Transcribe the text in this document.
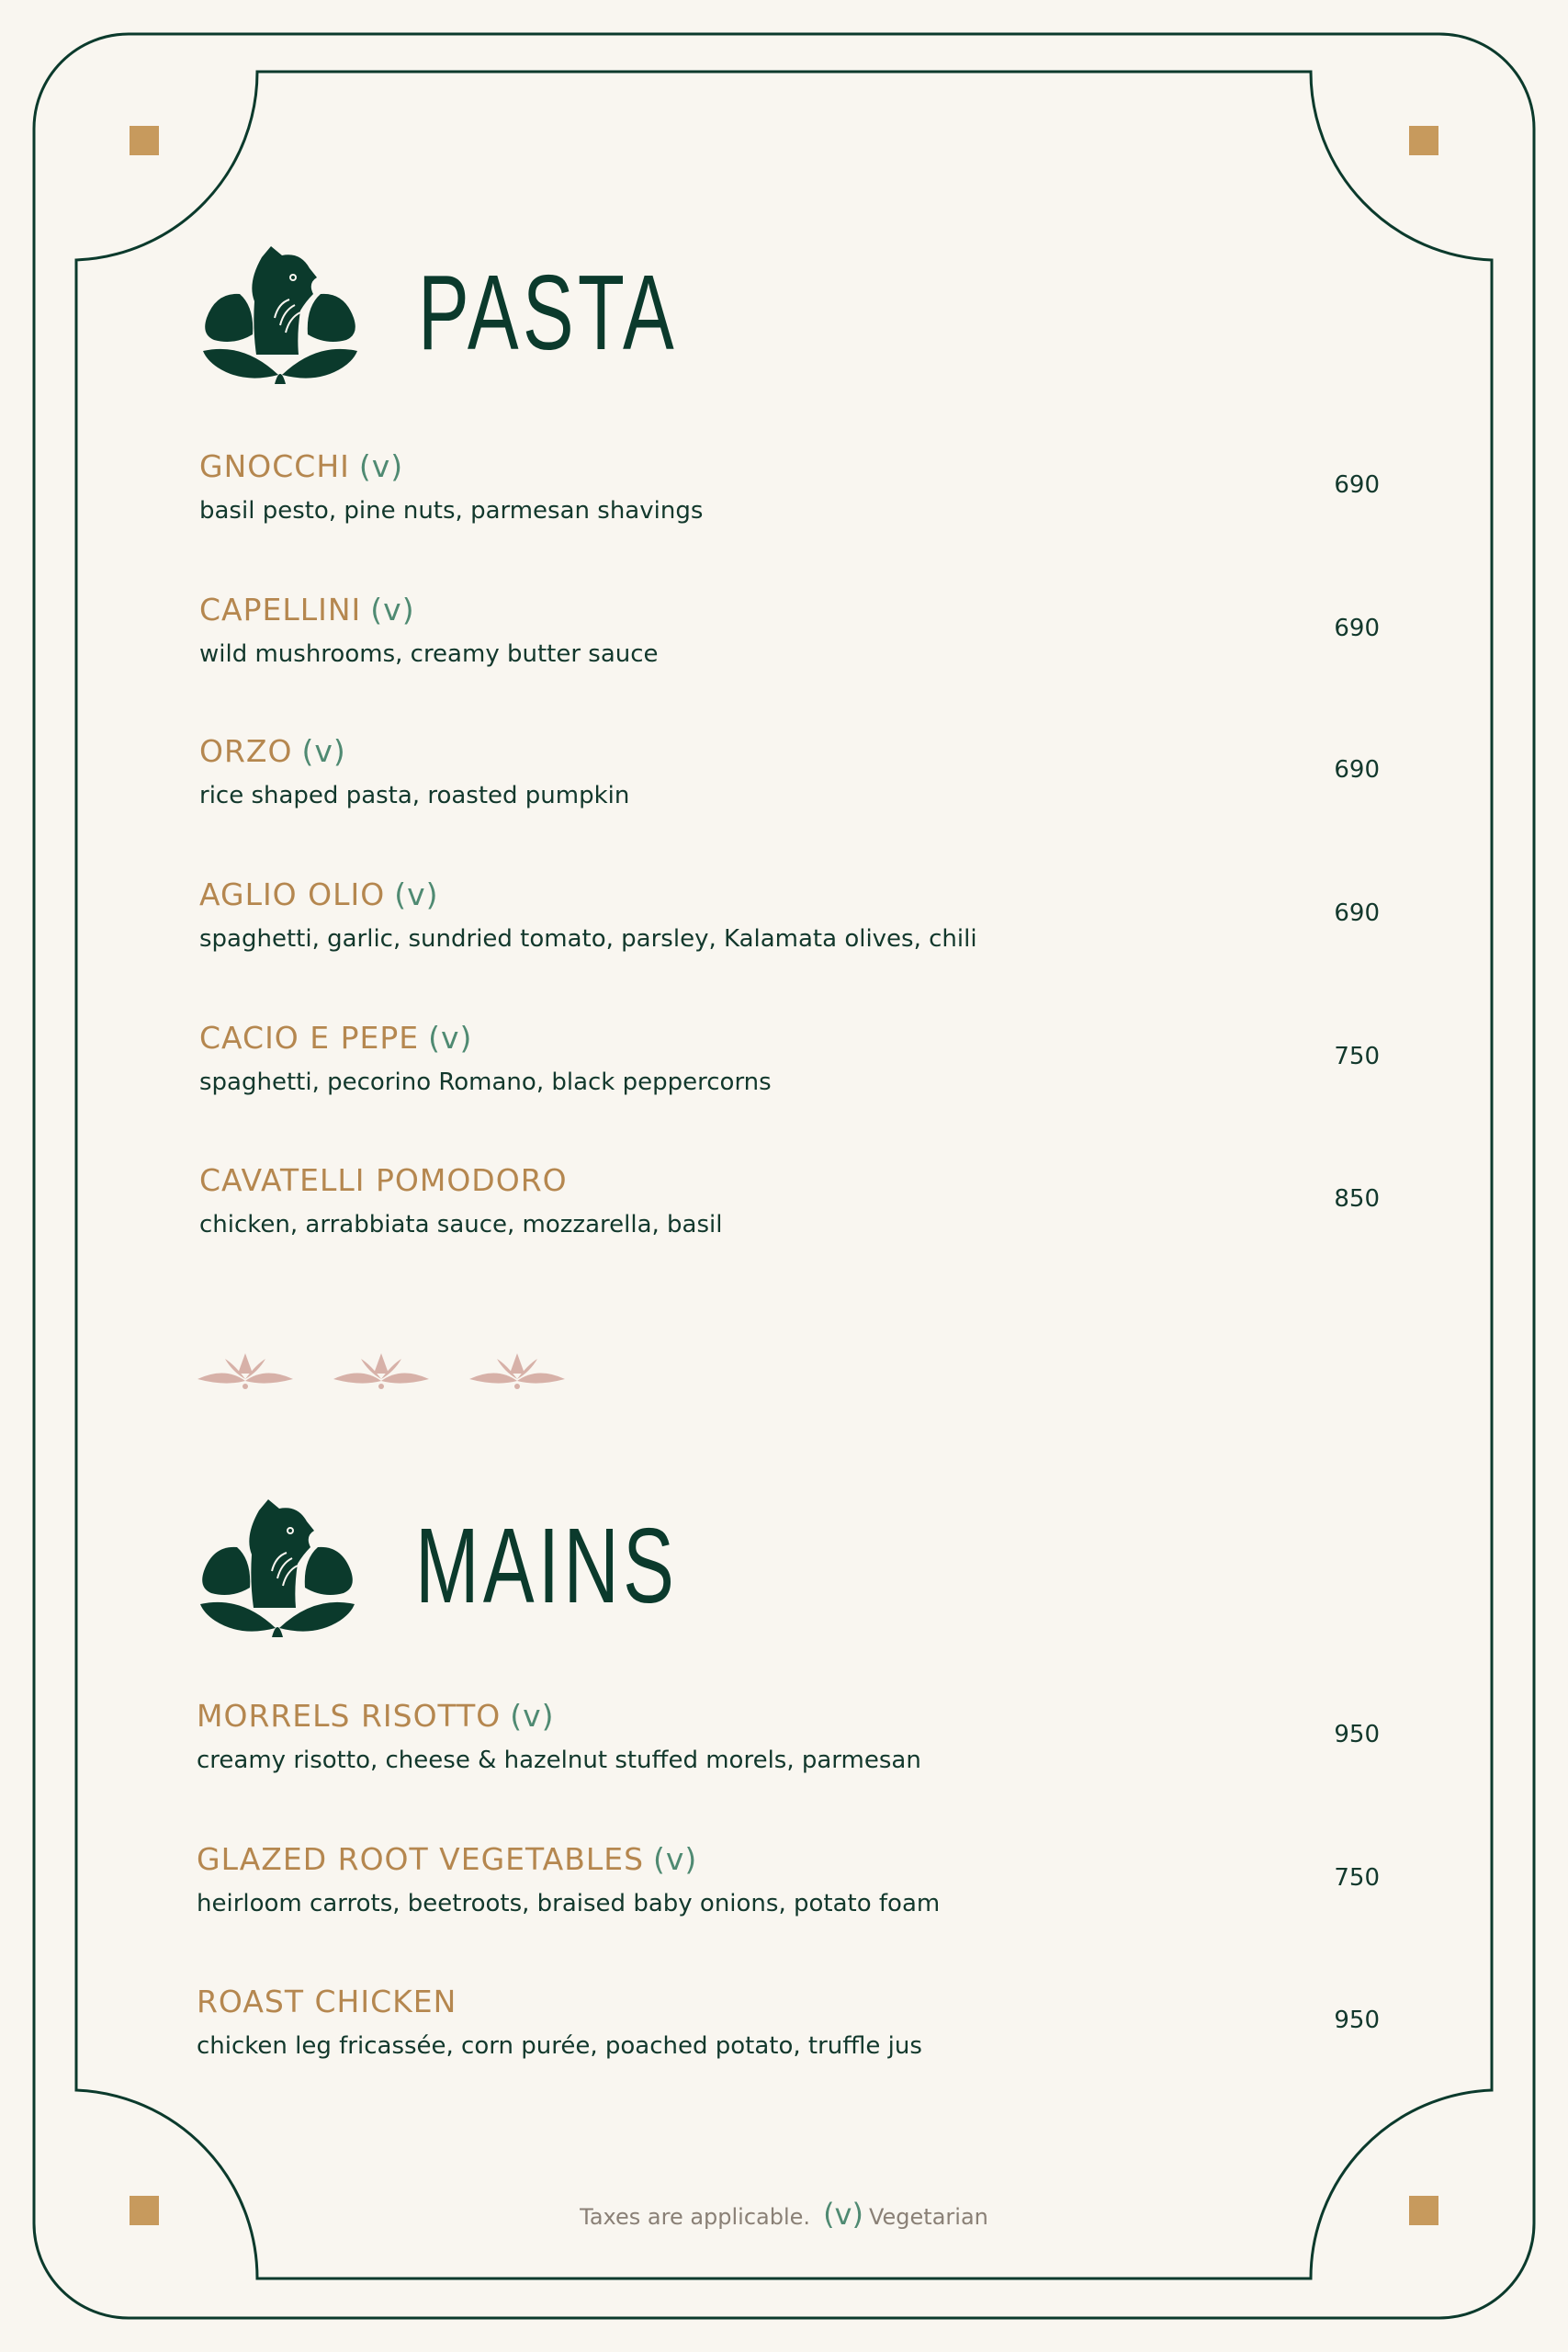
PASTA
GNOCCHI (v)
basil pesto, pine nuts, parmesan shavings
690
CAPELLINI (v)
wild mushrooms, creamy butter sauce
690
ORZO (v)
rice shaped pasta, roasted pumpkin
690
AGLIO OLIO (v)
spaghetti, garlic, sundried tomato, parsley, Kalamata olives, chili
690
CACIO E PEPE (v)
spaghetti, pecorino Romano, black peppercorns
750
CAVATELLI POMODORO
chicken, arrabbiata sauce, mozzarella, basil
850
MAINS
MORRELS RISOTTO (v)
creamy risotto, cheese & hazelnut stuffed morels, parmesan
950
GLAZED ROOT VEGETABLES (v)
heirloom carrots, beetroots, braised baby onions, potato foam
750
ROAST CHICKEN
chicken leg fricassée, corn purée, poached potato, truffle jus
950
Taxes are applicable. (v) Vegetarian
